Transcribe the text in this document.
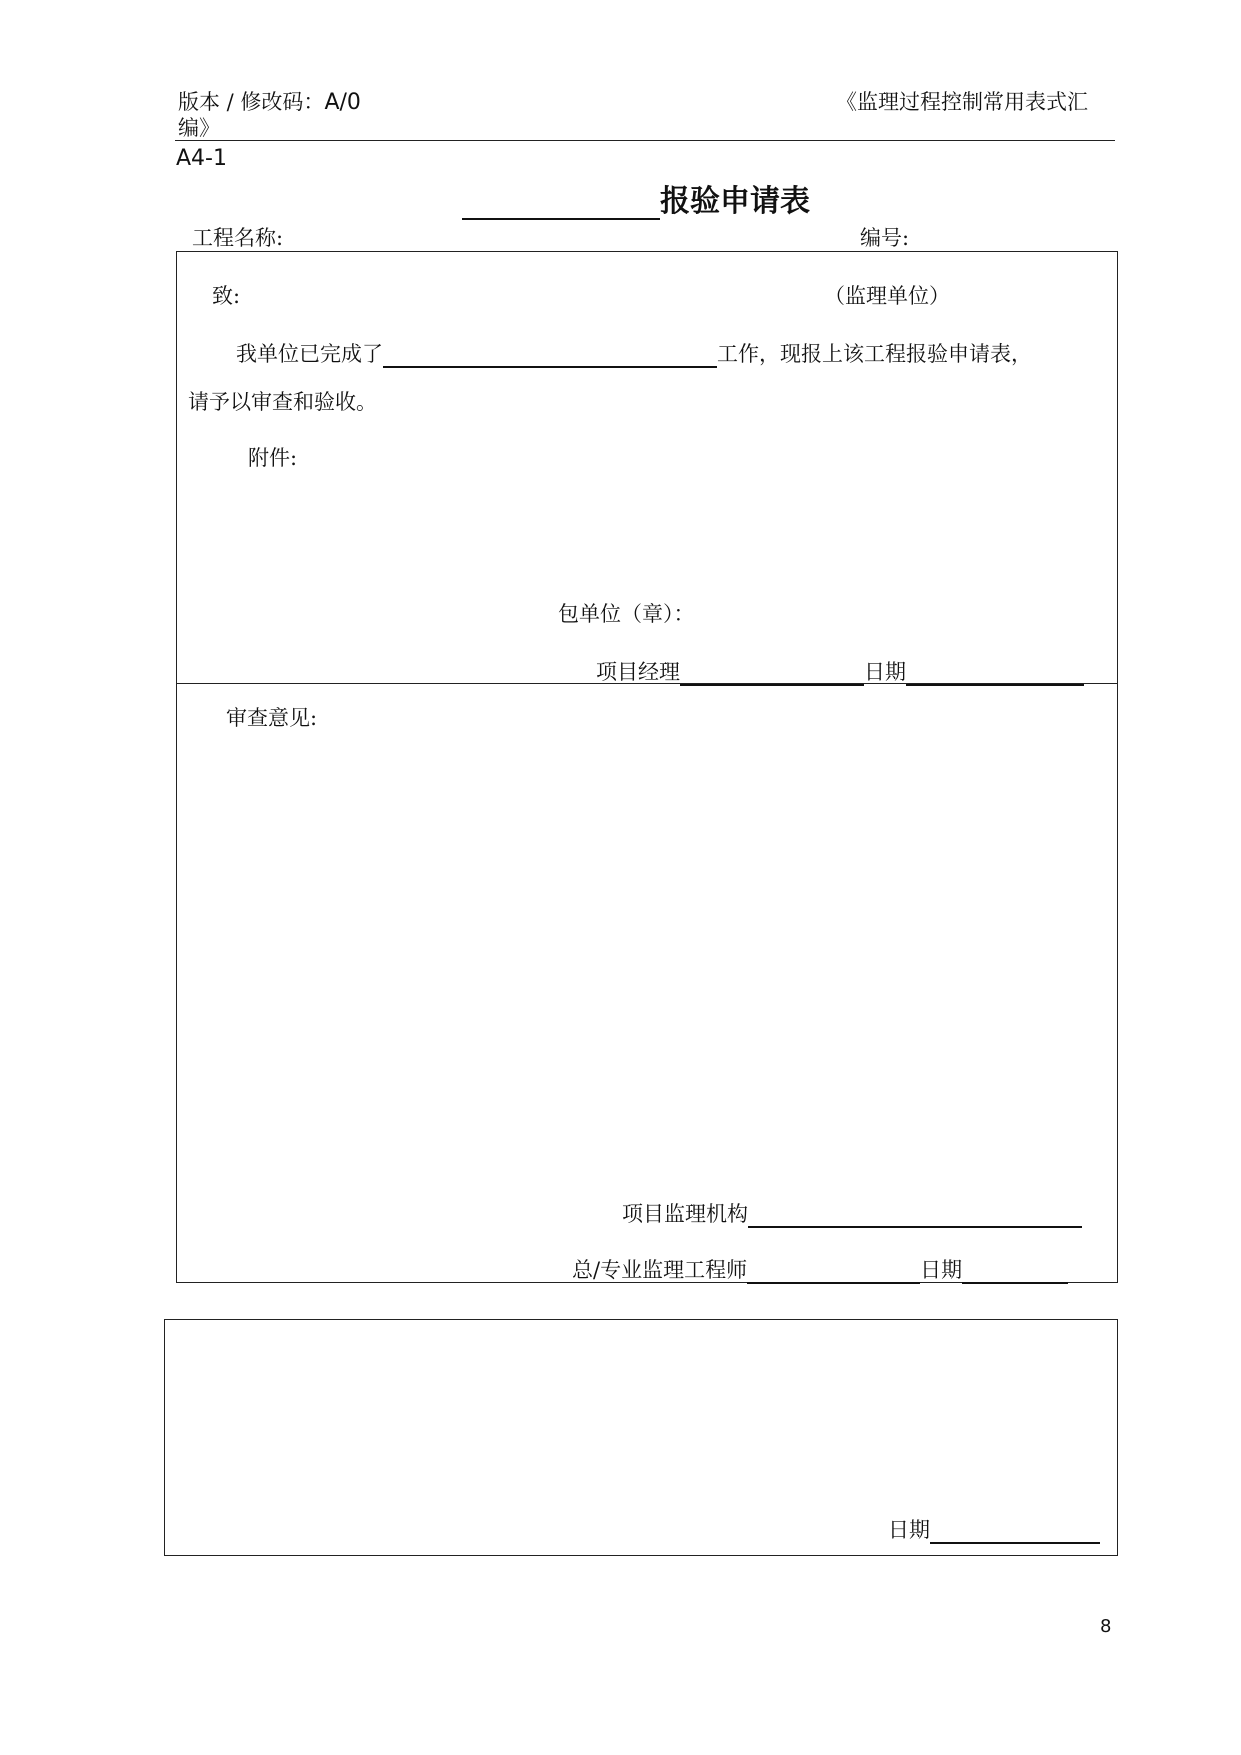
版本 / 修改码：A/0
编》
《监理过程控制常用表式汇
A4-1
报验申请表
工程名称:	编号:
致:	（监理单位）
我单位已完成了	工作，现报上该工程报验申请表，
请予以审查和验收。
附件:
包单位（章）：
项目经理	日期
审查意见:
项目监理机构
总/专业监理工程师	日期
日期
8
